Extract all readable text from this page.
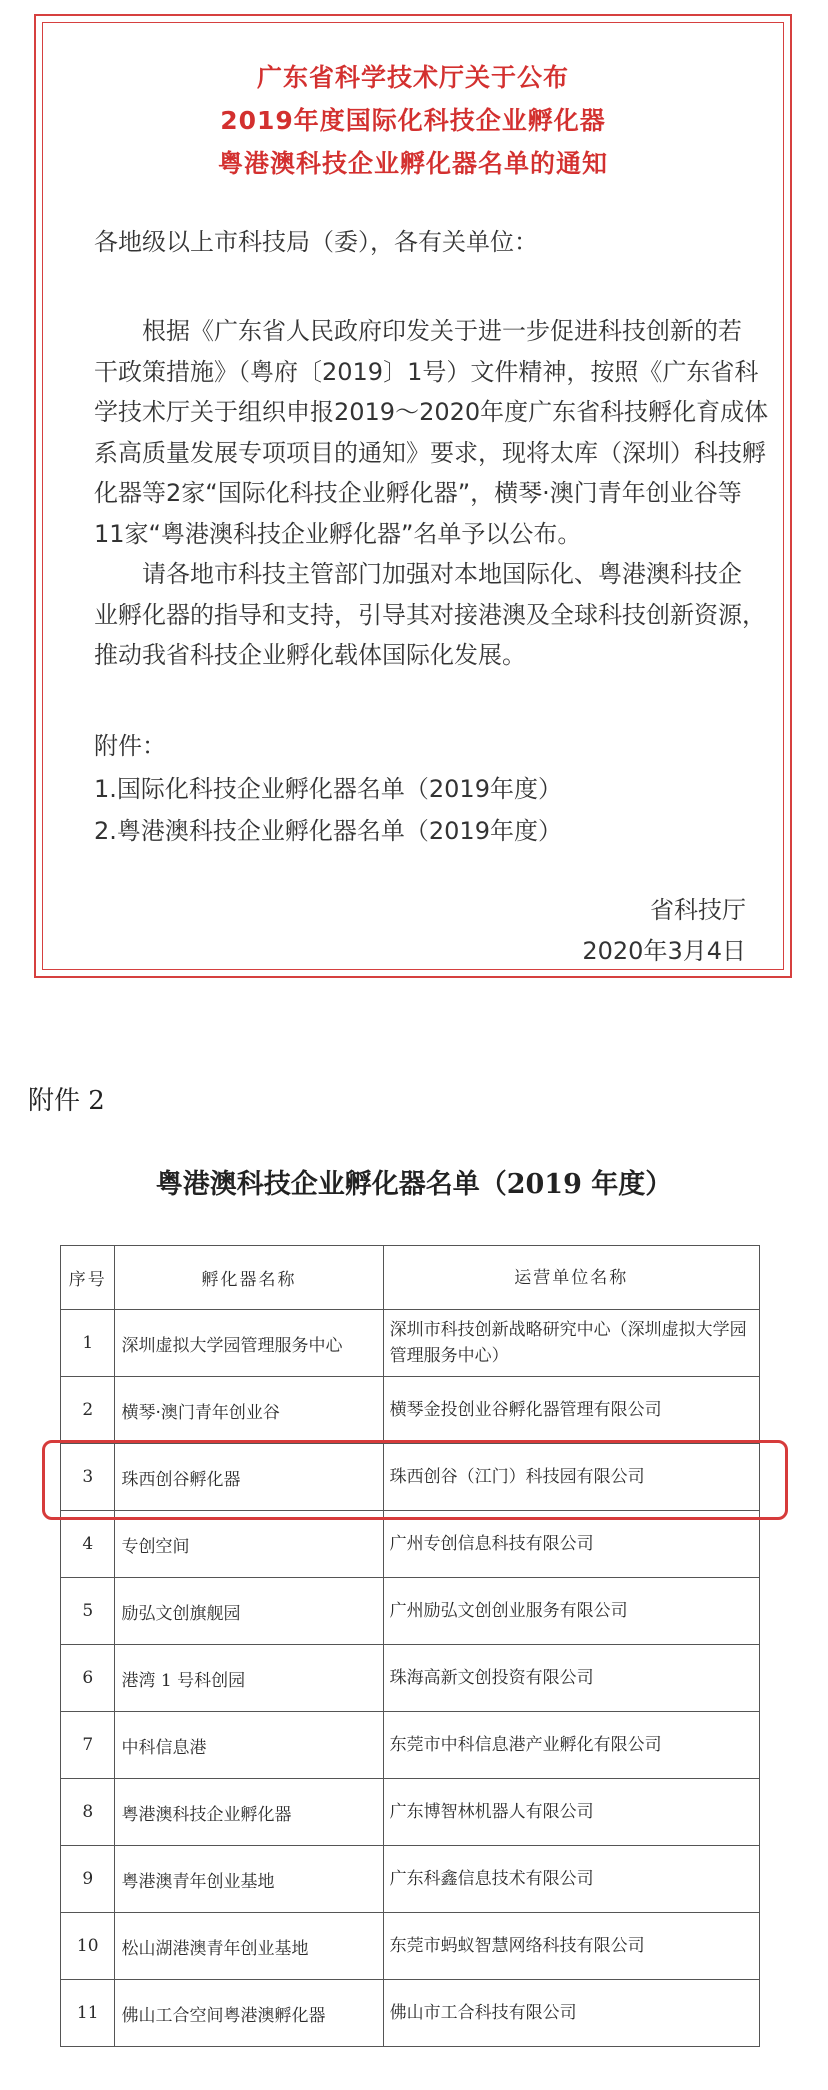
广东省科学技术厅关于公布
2019年度国际化科技企业孵化器
粤港澳科技企业孵化器名单的通知
各地级以上市科技局（委），各有关单位：
　　根据《广东省人民政府印发关于进一步促进科技创新的若
干政策措施》（粤府〔2019〕1号）文件精神，按照《广东省科
学技术厅关于组织申报2019～2020年度广东省科技孵化育成体
系高质量发展专项项目的通知》要求，现将太库（深圳）科技孵
化器等2家“国际化科技企业孵化器”，横琴·澳门青年创业谷等
11家“粤港澳科技企业孵化器”名单予以公布。
　　请各地市科技主管部门加强对本地国际化、粤港澳科技企
业孵化器的指导和支持，引导其对接港澳及全球科技创新资源，
推动我省科技企业孵化载体国际化发展。
附件：
1.国际化科技企业孵化器名单（2019年度）
2.粤港澳科技企业孵化器名单（2019年度）
省科技厅
2020年3月4日
附件 2
粤港澳科技企业孵化器名单（2019 年度）
序号	孵化器名称	运营单位名称
1	深圳虚拟大学园管理服务中心	深圳市科技创新战略研究中心（深圳虚拟大学园管理服务中心）
2	横琴·澳门青年创业谷	横琴金投创业谷孵化器管理有限公司
3	珠西创谷孵化器	珠西创谷（江门）科技园有限公司
4	专创空间	广州专创信息科技有限公司
5	励弘文创旗舰园	广州励弘文创创业服务有限公司
6	港湾 1 号科创园	珠海高新文创投资有限公司
7	中科信息港	东莞市中科信息港产业孵化有限公司
8	粤港澳科技企业孵化器	广东博智林机器人有限公司
9	粤港澳青年创业基地	广东科鑫信息技术有限公司
10	松山湖港澳青年创业基地	东莞市蚂蚁智慧网络科技有限公司
11	佛山工合空间粤港澳孵化器	佛山市工合科技有限公司
